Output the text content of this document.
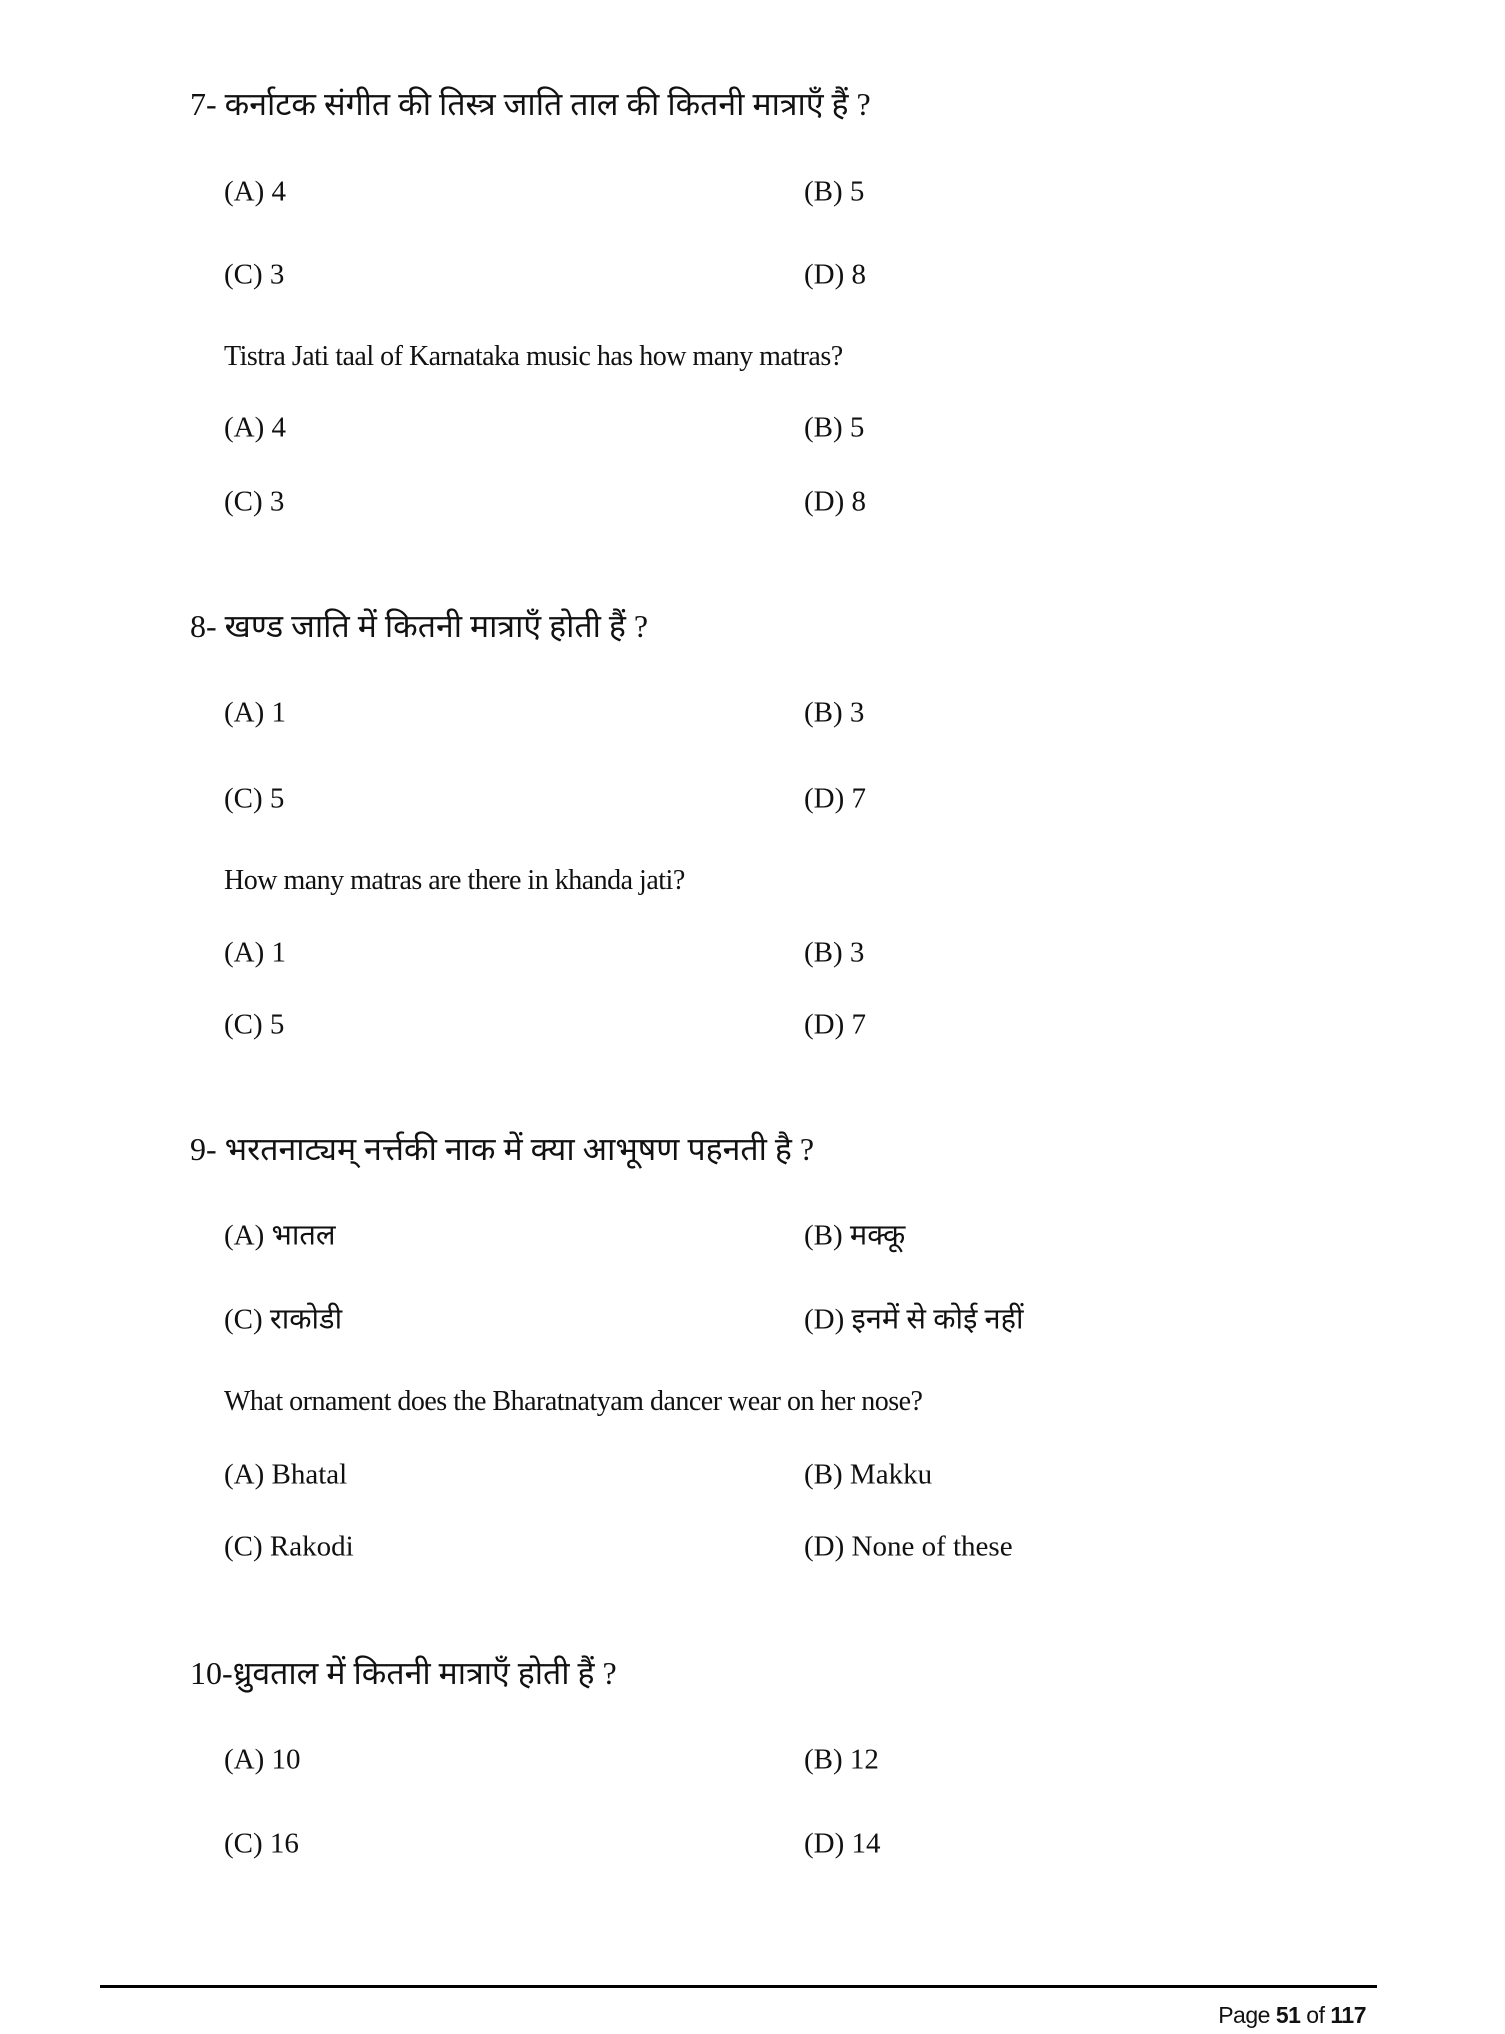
7- कर्नाटक संगीत की तिस्त्र जाति ताल की कितनी मात्राएँ हैं ?
(A) 4	(B) 5
(C) 3	(D) 8
Tistra Jati taal of Karnataka music has how many matras?
(A) 4	(B) 5
(C) 3	(D) 8
8- खण्ड जाति में कितनी मात्राएँ होती हैं ?
(A) 1	(B) 3
(C) 5	(D) 7
How many matras are there in khanda jati?
(A) 1	(B) 3
(C) 5	(D) 7
9- भरतनाट्यम् नर्त्तकी नाक में क्या आभूषण पहनती है ?
(A) भातल	(B) मक्कू
(C) राकोडी	(D) इनमें से कोई नहीं
What ornament does the Bharatnatyam dancer wear on her nose?
(A) Bhatal	(B) Makku
(C) Rakodi	(D) None of these
10-ध्रुवताल में कितनी मात्राएँ होती हैं ?
(A) 10	(B) 12
(C) 16	(D) 14
Page 51 of 117
